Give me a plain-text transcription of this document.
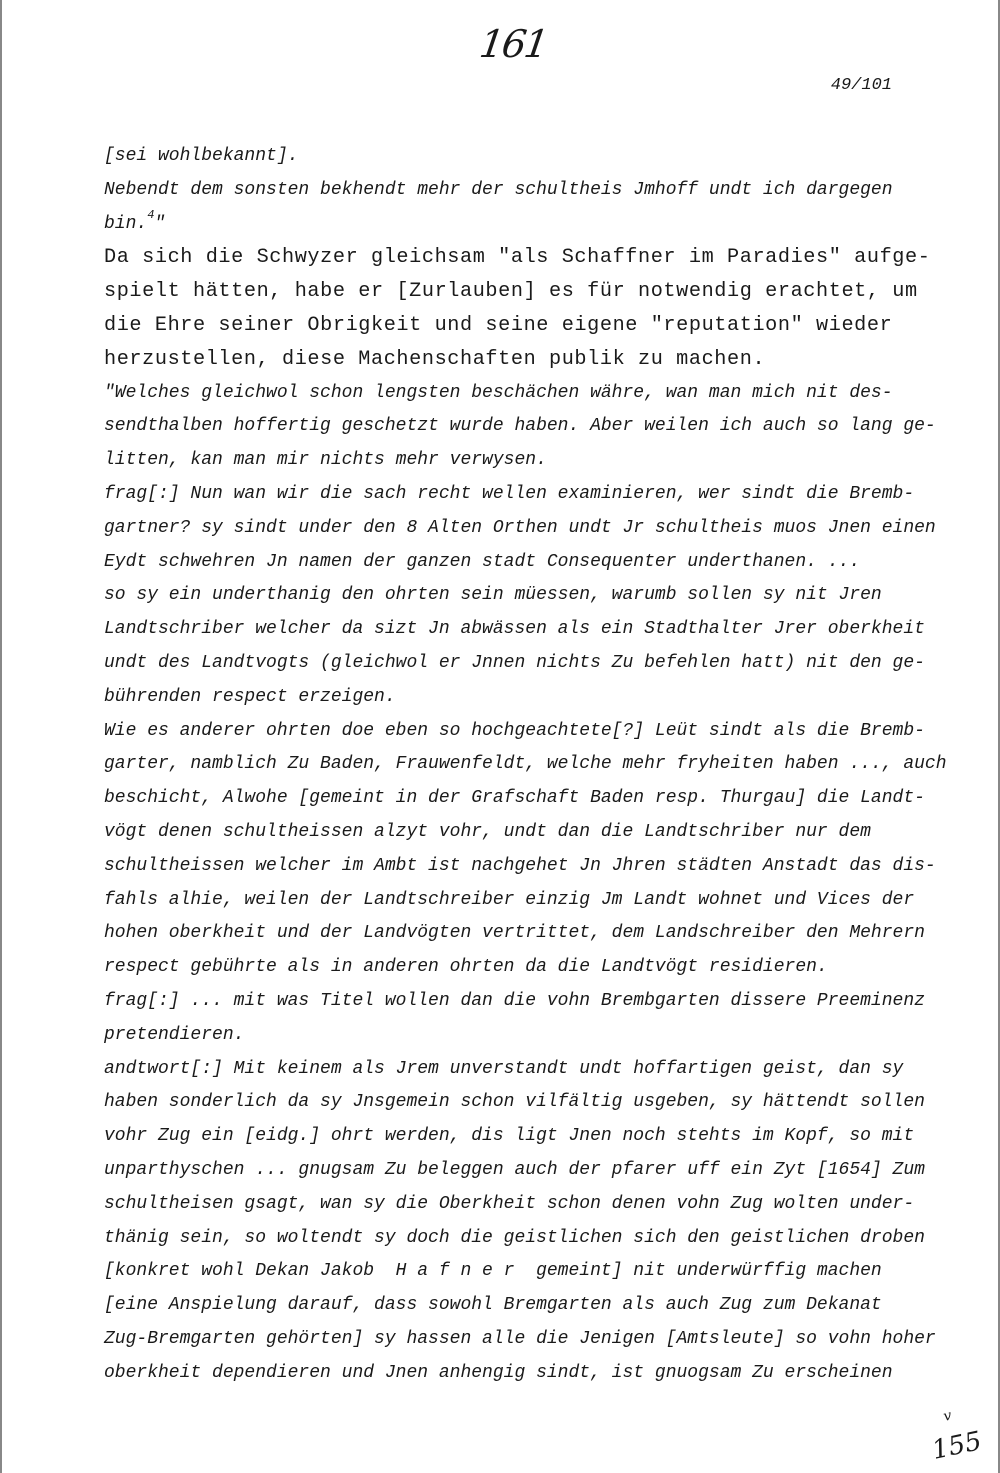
161
49/101
[sei wohlbekannt].
Nebendt dem sonsten bekhendt mehr der schultheis Jmhoff undt ich dargegen
bin.$^4$"
Da sich die Schwyzer gleichsam "als Schaffner im Paradies" aufge-
spielt hätten, habe er [Zurlauben] es für notwendig erachtet, um
die Ehre seiner Obrigkeit und seine eigene "reputation" wieder
herzustellen, diese Machenschaften publik zu machen.
"Welches gleichwol schon lengsten beschächen währe, wan man mich nit des-
sendthalben hoffertig geschetzt wurde haben. Aber weilen ich auch so lang ge-
litten, kan man mir nichts mehr verwysen.
frag[:] Nun wan wir die sach recht wellen examinieren, wer sindt die Bremb-
gartner? sy sindt under den 8 Alten Orthen undt Jr schultheis muos Jnen einen
Eydt schwehren Jn namen der ganzen stadt Consequenter underthanen. ...
so sy ein underthanig den ohrten sein müessen, warumb sollen sy nit Jren
Landtschriber welcher da sizt Jn abwässen als ein Stadthalter Jrer oberkheit
undt des Landtvogts (gleichwol er Jnnen nichts Zu befehlen hatt) nit den ge-
bührenden respect erzeigen.
Wie es anderer ohrten doe eben so hochgeachtete[?] Leüt sindt als die Bremb-
garter, namblich Zu Baden, Frauwenfeldt, welche mehr fryheiten haben ..., auch
beschicht, Alwohe [gemeint in der Grafschaft Baden resp. Thurgau] die Landt-
vögt denen schultheissen alzyt vohr, undt dan die Landtschriber nur dem
schultheissen welcher im Ambt ist nachgehet Jn Jhren städten Anstadt das dis-
fahls alhie, weilen der Landtschreiber einzig Jm Landt wohnet und Vices der
hohen oberkheit und der Landvögten vertrittet, dem Landschreiber den Mehrern
respect gebührte als in anderen ohrten da die Landtvögt residieren.
frag[:] ... mit was Titel wollen dan die vohn Brembgarten dissere Preeminenz
pretendieren.
andtwort[:] Mit keinem als Jrem unverstandt undt hoffartigen geist, dan sy
haben sonderlich da sy Jnsgemein schon vilfältig usgeben, sy hättendt sollen
vohr Zug ein [eidg.] ohrt werden, dis ligt Jnen noch stehts im Kopf, so mit
unparthyschen ... gnugsam Zu beleggen auch der pfarer uff ein Zyt [1654] Zum
schultheisen gsagt, wan sy die Oberkheit schon denen vohn Zug wolten under-
thänig sein, so woltendt sy doch die geistlichen sich den geistlichen droben
[konkret wohl Dekan Jakob  H a f n e r  gemeint] nit underwürffig machen
[eine Anspielung darauf, dass sowohl Bremgarten als auch Zug zum Dekanat
Zug-Bremgarten gehörten] sy hassen alle die Jenigen [Amtsleute] so vohn hoher
oberkheit dependieren und Jnen anhengig sindt, ist gnuogsam Zu erscheinen
v
155
